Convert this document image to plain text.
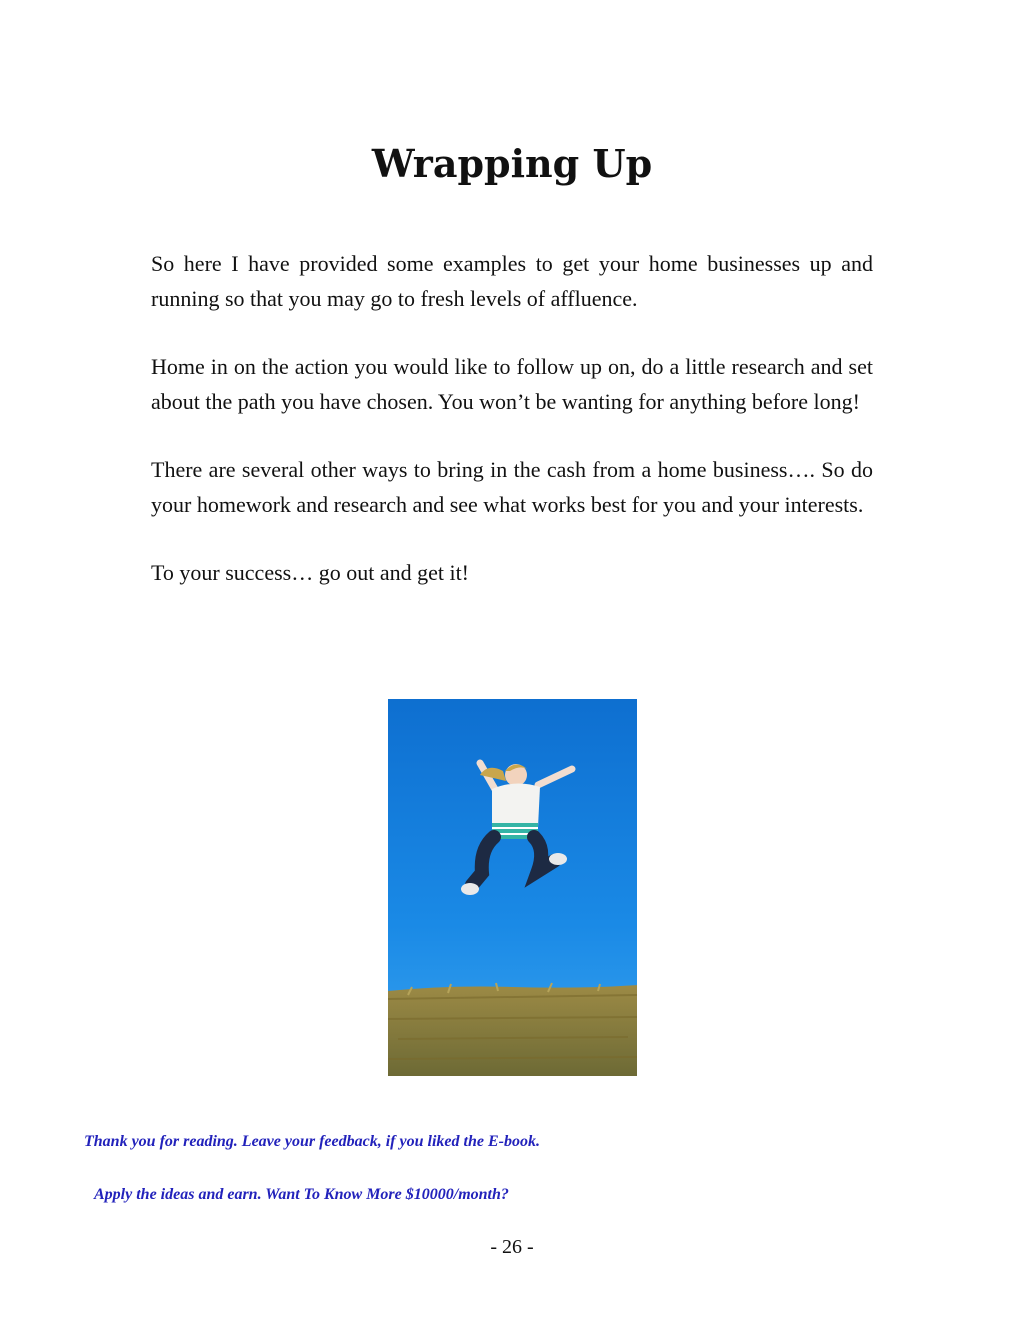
Wrapping Up

So here I have provided some examples to get your home businesses up and running so that you may go to fresh levels of affluence.

Home in on the action you would like to follow up on, do a little research and set about the path you have chosen. You won’t be wanting for anything before long!

There are several other ways to bring in the cash from a home business…. So do your homework and research and see what works best for you and your interests.

To your success… go out and get it!

Thank you for reading. Leave your feedback, if you liked the E-book.
Apply the ideas and earn. Want To Know More $10000/month?
- 26 -
